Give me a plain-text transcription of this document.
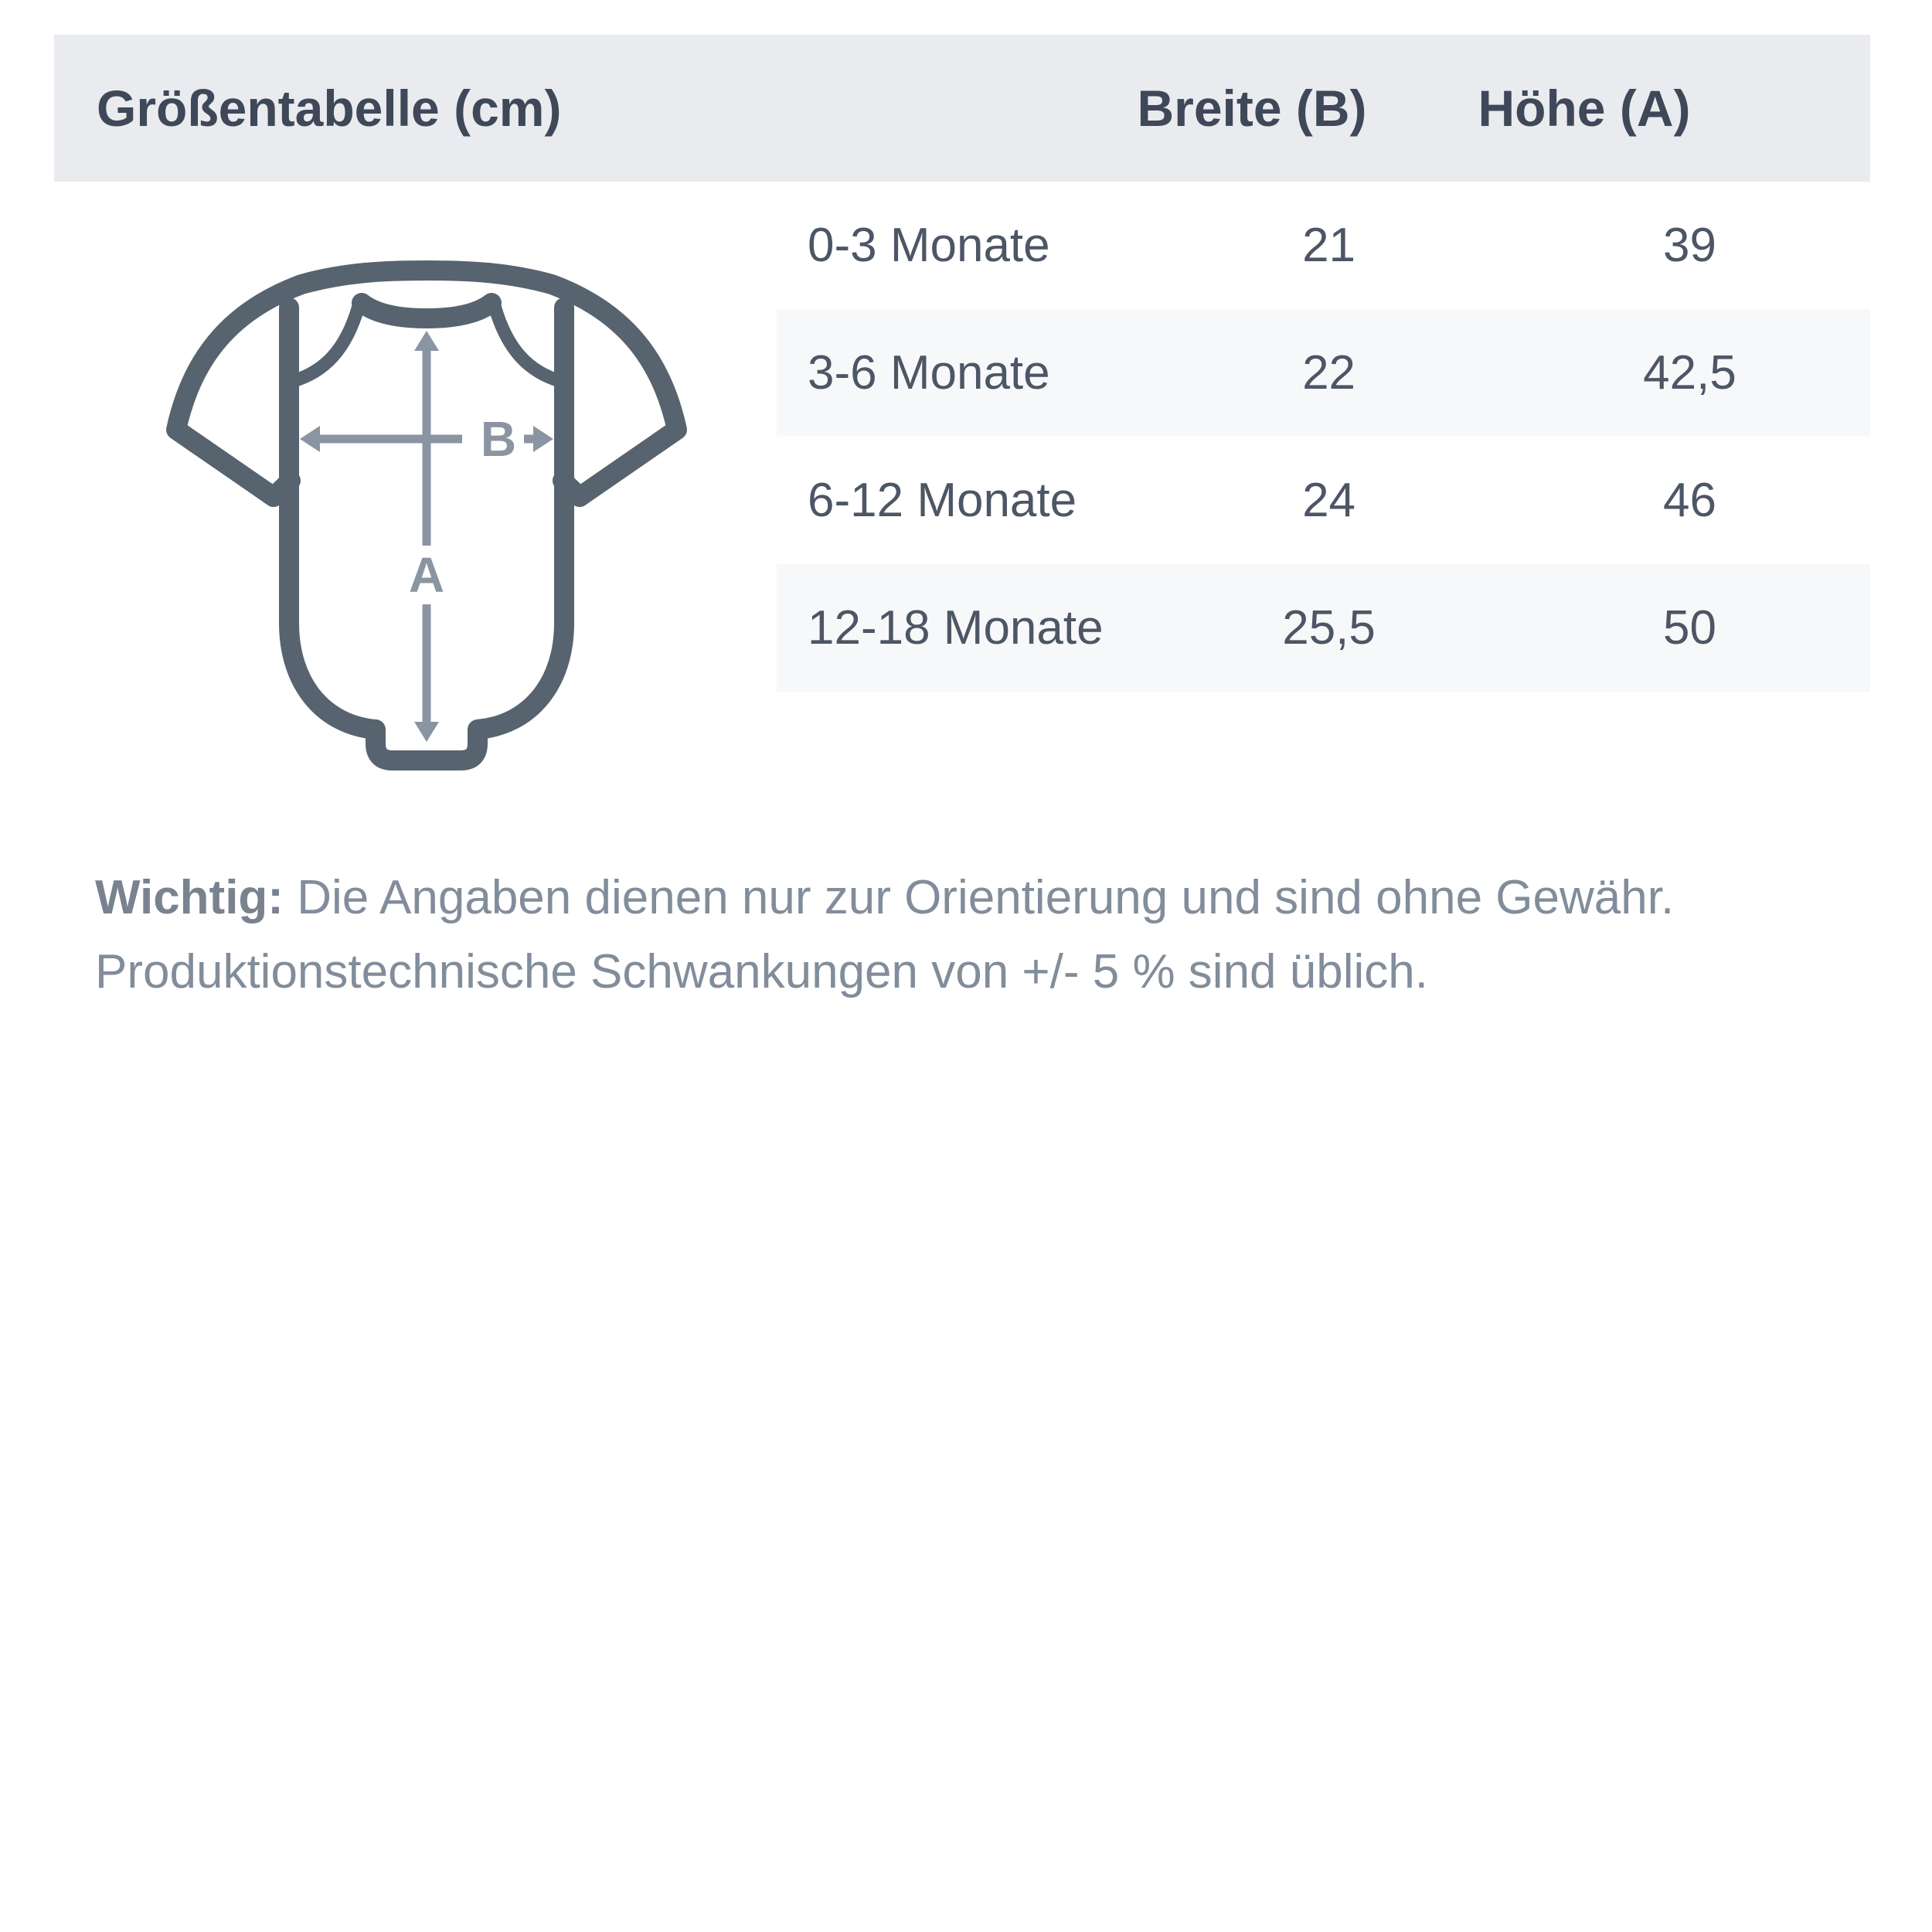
Größentabelle (cm)	Breite (B) Höhe (A)
B
A
0-3 Monate	21	39
3-6 Monate	22	42,5
6-12 Monate	24	46
12-18 Monate	25,5	50

Wichtig: Die Angaben dienen nur zur Orientierung und sind ohne Gewähr.
Produktionstechnische Schwankungen von +/- 5 % sind üblich.
